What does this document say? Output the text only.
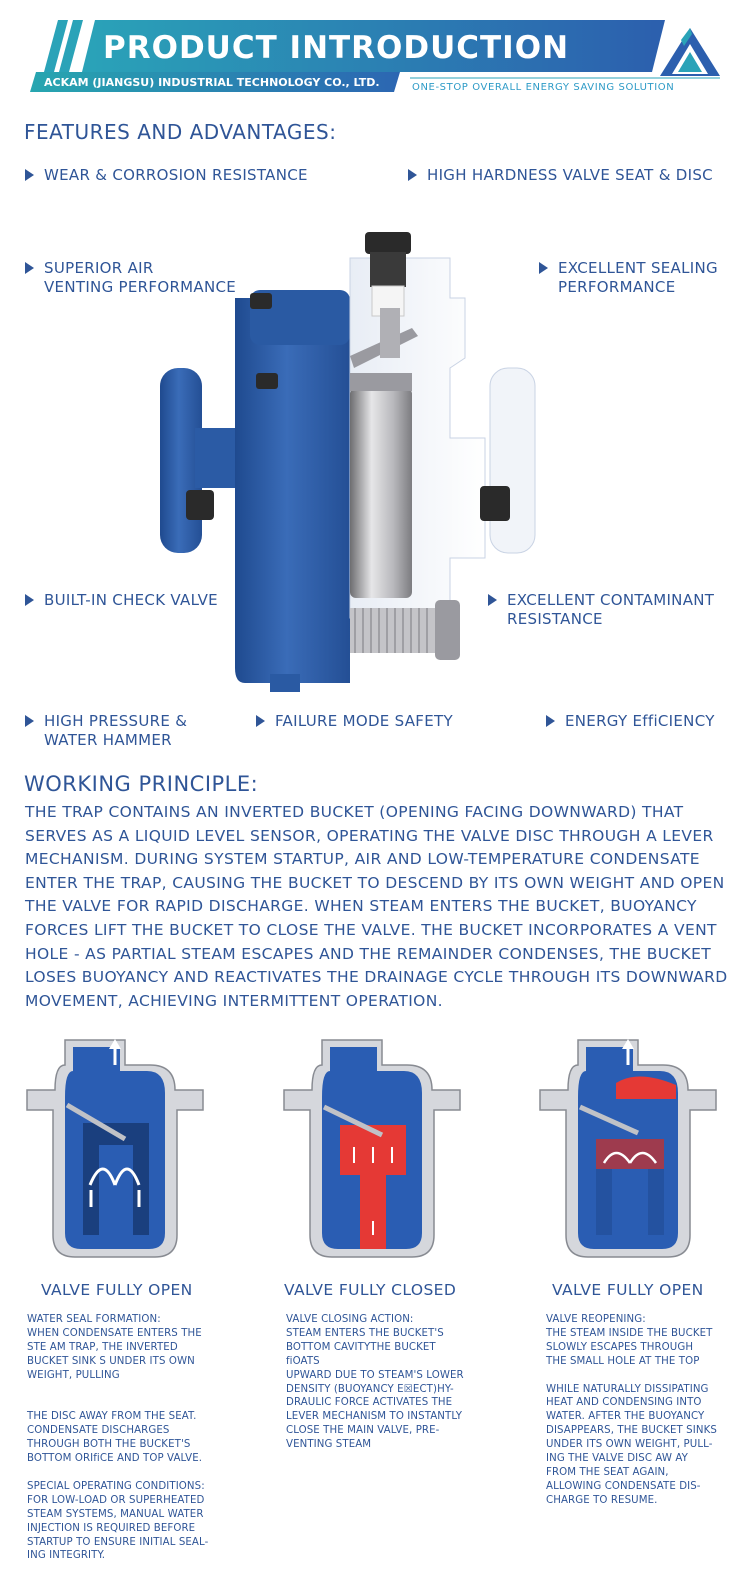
PRODUCT INTRODUCTION
ACKAM (JIANGSU) INDUSTRIAL TECHNOLOGY CO., LTD.	ONE-STOP OVERALL ENERGY SAVING SOLUTION
FEATURES AND ADVANTAGES:
WEAR & CORROSION RESISTANCE	HIGH HARDNESS VALVE SEAT & DISC
SUPERIOR AIR
VENTING PERFORMANCE
EXCELLENT SEALING
PERFORMANCE
BUILT-IN CHECK VALVE	EXCELLENT CONTAMINANT
RESISTANCE
HIGH PRESSURE &
WATER HAMMER
FAILURE MODE SAFETY	ENERGY EffiCIENCY
WORKING PRINCIPLE:
THE TRAP CONTAINS AN INVERTED BUCKET (OPENING FACING DOWNWARD) THAT SERVES AS A LIQUID LEVEL SENSOR, OPERATING THE VALVE DISC THROUGH A LEVER MECHANISM. DURING SYSTEM STARTUP, AIR AND LOW-TEMPERATURE CONDENSATE ENTER THE TRAP, CAUSING THE BUCKET TO DESCEND BY ITS OWN WEIGHT AND OPEN THE VALVE FOR RAPID DISCHARGE. WHEN STEAM ENTERS THE BUCKET, BUOYANCY FORCES LIFT THE BUCKET TO CLOSE THE VALVE. THE BUCKET INCORPORATES A VENT HOLE - AS PARTIAL STEAM ESCAPES AND THE REMAINDER CONDENSES, THE BUCKET LOSES BUOYANCY AND REACTIVATES THE DRAINAGE CYCLE THROUGH ITS DOWNWARD MOVEMENT, ACHIEVING INTERMITTENT OPERATION.
VALVE FULLY OPEN
WATER SEAL FORMATION:
WHEN CONDENSATE ENTERS THE
STE AM TRAP, THE INVERTED
BUCKET SINK S UNDER ITS OWN
WEIGHT, PULLING

THE DISC AWAY FROM THE SEAT.
CONDENSATE DISCHARGES
THROUGH BOTH THE BUCKET'S
BOTTOM ORIfiCE AND TOP VALVE.

SPECIAL OPERATING CONDITIONS:
FOR LOW-LOAD OR SUPERHEATED
STEAM SYSTEMS, MANUAL WATER
INJECTION IS REQUIRED BEFORE
STARTUP TO ENSURE INITIAL SEAL-
ING INTEGRITY.
VALVE FULLY CLOSED
VALVE CLOSING ACTION:
STEAM ENTERS THE BUCKET'S
BOTTOM CAVITYTHE BUCKET
fiOATS
UPWARD DUE TO STEAM'S LOWER
DENSITY (BUOYANCY E☒ECT)HY-
DRAULIC FORCE ACTIVATES THE
LEVER MECHANISM TO INSTANTLY
CLOSE THE MAIN VALVE, PRE-
VENTING STEAM
VALVE FULLY OPEN
VALVE REOPENING:
THE STEAM INSIDE THE BUCKET
SLOWLY ESCAPES THROUGH
THE SMALL HOLE AT THE TOP

WHILE NATURALLY DISSIPATING
HEAT AND CONDENSING INTO
WATER. AFTER THE BUOYANCY
DISAPPEARS, THE BUCKET SINKS
UNDER ITS OWN WEIGHT, PULL-
ING THE VALVE DISC AW AY
FROM THE SEAT AGAIN,
ALLOWING CONDENSATE DIS-
CHARGE TO RESUME.
